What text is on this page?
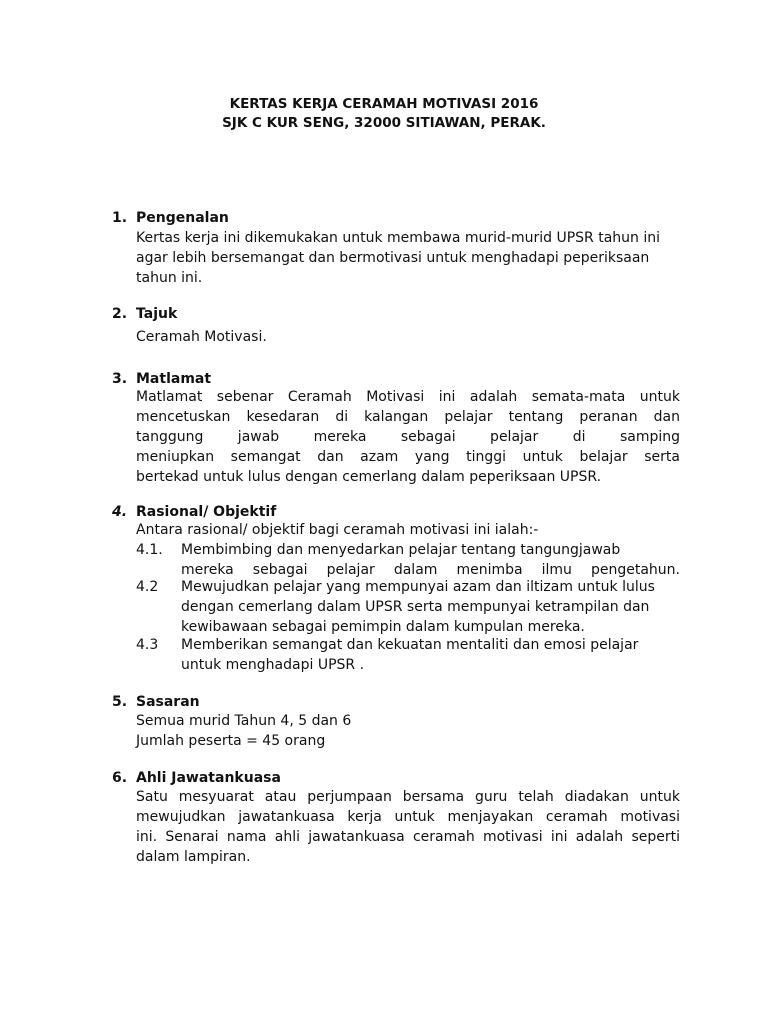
KERTAS KERJA CERAMAH MOTIVASI 2016
SJK C KUR SENG, 32000 SITIAWAN, PERAK.
1. Pengenalan
Kertas kerja ini dikemukakan untuk membawa murid-murid UPSR tahun ini
agar lebih bersemangat dan bermotivasi untuk menghadapi peperiksaan
tahun ini.
2. Tajuk
Ceramah Motivasi.
3. Matlamat
Matlamat sebenar Ceramah Motivasi ini adalah semata-mata untuk
mencetuskan kesedaran di kalangan pelajar tentang peranan dan
tanggung jawab mereka sebagai pelajar di samping
meniupkan semangat dan azam yang tinggi untuk belajar serta
bertekad untuk lulus dengan cemerlang dalam peperiksaan UPSR.
4. Rasional/ Objektif
Antara rasional/ objektif bagi ceramah motivasi ini ialah:-
4.1. Membimbing dan menyedarkan pelajar tentang tangungjawab
mereka sebagai pelajar dalam menimba ilmu pengetahun.
4.2 Mewujudkan pelajar yang mempunyai azam dan iltizam untuk lulus
dengan cemerlang dalam UPSR serta mempunyai ketrampilan dan
kewibawaan sebagai pemimpin dalam kumpulan mereka.
4.3 Memberikan semangat dan kekuatan mentaliti dan emosi pelajar
untuk menghadapi UPSR .
5. Sasaran
Semua murid Tahun 4, 5 dan 6
Jumlah peserta = 45 orang
6. Ahli Jawatankuasa
Satu mesyuarat atau perjumpaan bersama guru telah diadakan untuk
mewujudkan jawatankuasa kerja untuk menjayakan ceramah motivasi
ini. Senarai nama ahli jawatankuasa ceramah motivasi ini adalah seperti
dalam lampiran.
